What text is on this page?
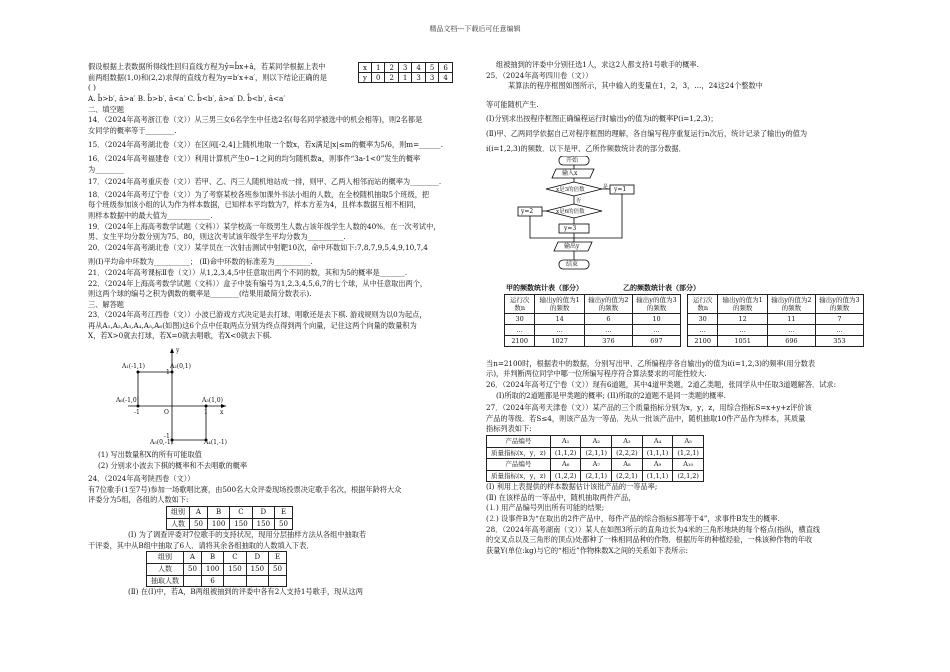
精品文档---下载后可任意编辑
x	1	2	3	4	5	6
y	0	2	1	3	3	4

假设根据上表数据所得线性回归直线方程为ŷ=b̂x+â，若某同学根据上表中

前两组数据(1,0)和(2,2)求得的直线方程为y=b′x+a′，则以下结论正确的是

( )

A. b̂>b′, â>a′ B. b̂>b′, â<a′ C. b̂<b′, â>a′ D. b̂<b′, â<a′

二、填空题

14．（2024年高考浙江卷（文））从三男三女6名学生中任选2名(每名同学被选中的机会相等)，则2名都是

女同学的概率等于________.

15．（2024年高考湖北卷（文））在区间[-2,4]上随机地取一个数x，若x满足|x|≤m的概率为5/6，则m=______.

16．（2024年高考福建卷（文））利用计算机产生0~1之间的均匀随机数a，则事件“3a-1<0”发生的概率

为________

17．（2024年高考重庆卷（文））若甲、乙、丙三人随机地站成一排，则甲、乙两人相邻而站的概率为________.

18．（2024年高考辽宁卷（文））为了考察某校各班参加课外书法小组的人数，在全校随机抽取5个班级，把

每个班级参加该小组的认为作为样本数据，已知样本平均数为7，样本方差为4，且样本数据互相不相同，

则样本数据中的最大值为____________.

19．（2024年上海高考数学试题（文科））某学校高一年级男生人数占该年级学生人数的40%．在一次考试中，

男、女生平均分数分别为75、80，则这次考试该年级学生平均分数为__________.

20．（2024年高考湖北卷（文））某学员在一次射击测试中射靶10次，命中环数如下:7,8,7,9,5,4,9,10,7,4

则(Ⅰ)平均命中环数为__________； (Ⅱ)命中环数的标准差为__________.

21．（2024年高考课标Ⅱ卷（文））从1,2,3,4,5中任意取出两个不同的数，其和为5的概率是_______.

22．（2024年上海高考数学试题（文科））盒子中装有编号为1,2,3,4,5,6,7的七个球，从中任意取出两个，

则这两个球的编号之积为偶数的概率是________(结果用最简分数表示).

三、解答题

23．（2024年高考江西卷（文））小波已游戏方式决定是去打球、唱歌还是去下棋. 游戏规则为以0为起点，

再从A₁,A₂,A₃,A₄,A₅,A₆(如图)这6个点中任取两点分别为终点得到两个向量，记住这两个向量的数量积为

X，若X>0就去打球，若X=0就去唱歌，若X<0就去下棋.

A₁(-1,1)	A₂(0,1)
A₆(-1,0)	A₃(1,0)
A₅(0,-1)	A₄(1,-1)
O	x
y
1
-1
-1	1

(1) 写出数量积X的所有可能取值

(2) 分别求小波去下棋的概率和不去唱歌的概率

24．（2024年高考陕西卷（文））

有7位歌手(1至7号)参加一场歌唱比赛，由500名大众评委现场投票决定歌手名次，根据年龄将大众

评委分为5组，各组的人数如下:

组别	A	B	C	D	E
人数	50	100	150	150	50

(Ⅰ) 为了调查评委对7位歌手的支持状况，现用分层抽样方法从各组中抽取若

干评委，其中从B组中抽取了6人．请将其余各组抽取的人数填入下表．

组别	A	B	C	D	E
人数	50	100	150	150	50
抽取人数		6			

(Ⅱ) 在(Ⅰ)中，若A，B两组被抽到的评委中各有2人支持1号歌手，现从这两

组被抽到的评委中分别任选1人，求这2人都支持1号歌手的概率.

25．（2024年高考四川卷（文））

某算法的程序框图如图所示，其中输入的变量在1，2，3，…，24这24个整数中

等可能随机产生.

(Ⅰ)分别求出按程序框图正确编程运行时输出y的值为i的概率P(i=1,2,3)；

(Ⅱ)甲、乙两同学依据自己对程序框图的理解，各自编写程序重复运行n次后，统计记录了输出y的值为

i(i=1,2,3)的频数．以下是甲、乙所作频数统计表的部分数据．

开始
输入x
x是3的倍数
x是6的倍数
y=1
y=2
y=3
输出y
结束
否
是
甲的频数统计表（部分）	乙的频数统计表（部分）
运行次数n	输出y的值为1的频数	输出y的值为2的频数	输出y的值为3的频数
30	14	6	10
…	…	…	…
2100	1027	376	697
运行次数n	输出y的值为1的频数	输出y的值为2的频数	输出y的值为3的频数
30	12	11	7
…	…	…	…
2100	1051	696	353

当n=2100时，根据表中的数据，分别写出甲、乙所编程序各自输出y的值为i(i=1,2,3)的频率(用分数表

示)，并判断两位同学中哪一位所编写程序符合算法要求的可能性较大.

26．（2024年高考辽宁卷（文））现有6道题，其中4道甲类题，2道乙类题，张同学从中任取3道题解答．试求:

(I)所取的2道题都是甲类题的概率; (II)所取的2道题不是同一类题的概率.

27．（2024年高考天津卷（文））某产品的三个质量指标分别为x，y，z，用综合指标S=x+y+z评价该

产品的等级．若S≤4，则该产品为一等品．先从一批该产品中，随机抽取10件产品作为样本，其质量

指标列表如下:

产品编号	A₁	A₂	A₃	A₄	A₅
质量指标(x，y，z)	(1,1,2)	(2,1,1)	(2,2,2)	(1,1,1)	(1,2,1)
产品编号	A₆	A₇	A₈	A₉	A₁₀
质量指标(x，y，z)	(1,2,2)	(2,1,1)	(2,2,1)	(1,1,1)	(2,1,2)

(Ⅰ) 利用上表提供的样本数据估计该批产品的一等品率;

(Ⅱ) 在该样品的一等品中，随机抽取两件产品，

(⒈) 用产品编号列出所有可能的结果;

(⒉) 设事件B为“在取出的2件产品中，每件产品的综合指标S都等于4”，求事件B发生的概率.

28．（2024年高考湖南（文））某人在如图3所示的直角边长为4米的三角形地块的每个格点(指纵，横直线

的交叉点以及三角形的顶点)处都种了一株相同品种的作物．根据历年的种植经验，一株该种作物的年收

获量Y(单位:kg)与它的“相近”作物株数X之间的关系如下表所示:
